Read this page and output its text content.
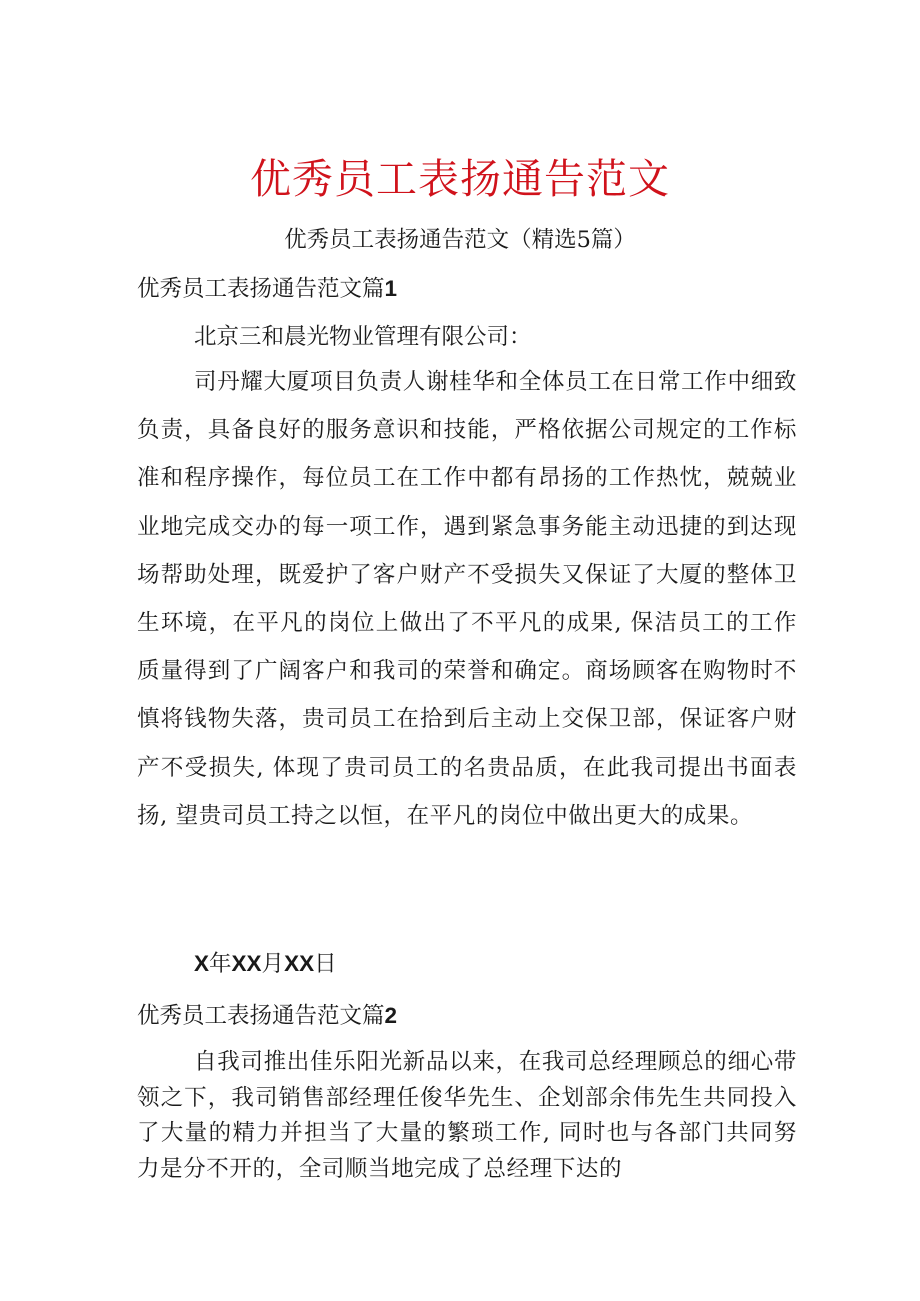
优秀员工表扬通告范文

优秀员工表扬通告范文（精选5篇）

优秀员工表扬通告范文篇1

北京三和晨光物业管理有限公司：

司丹耀大厦项目负责人谢桂华和全体员工在日常工作中细致负责，具备良好的服务意识和技能，严格依据公司规定的工作标准和程序操作，每位员工在工作中都有昂扬的工作热忱，兢兢业业地完成交办的每一项工作，遇到紧急事务能主动迅捷的到达现场帮助处理，既爱护了客户财产不受损失又保证了大厦的整体卫生环境，在平凡的岗位上做出了不平凡的成果, 保洁员工的工作质量得到了广阔客户和我司的荣誉和确定。商场顾客在购物时不慎将钱物失落，贵司员工在拾到后主动上交保卫部，保证客户财产不受损失, 体现了贵司员工的名贵品质，在此我司提出书面表扬, 望贵司员工持之以恒，在平凡的岗位中做出更大的成果。

X年XX月XX日

优秀员工表扬通告范文篇2

自我司推出佳乐阳光新品以来，在我司总经理顾总的细心带领之下，我司销售部经理任俊华先生、企划部余伟先生共同投入了大量的精力并担当了大量的繁琐工作, 同时也与各部门共同努力是分不开的，全司顺当地完成了总经理下达的
